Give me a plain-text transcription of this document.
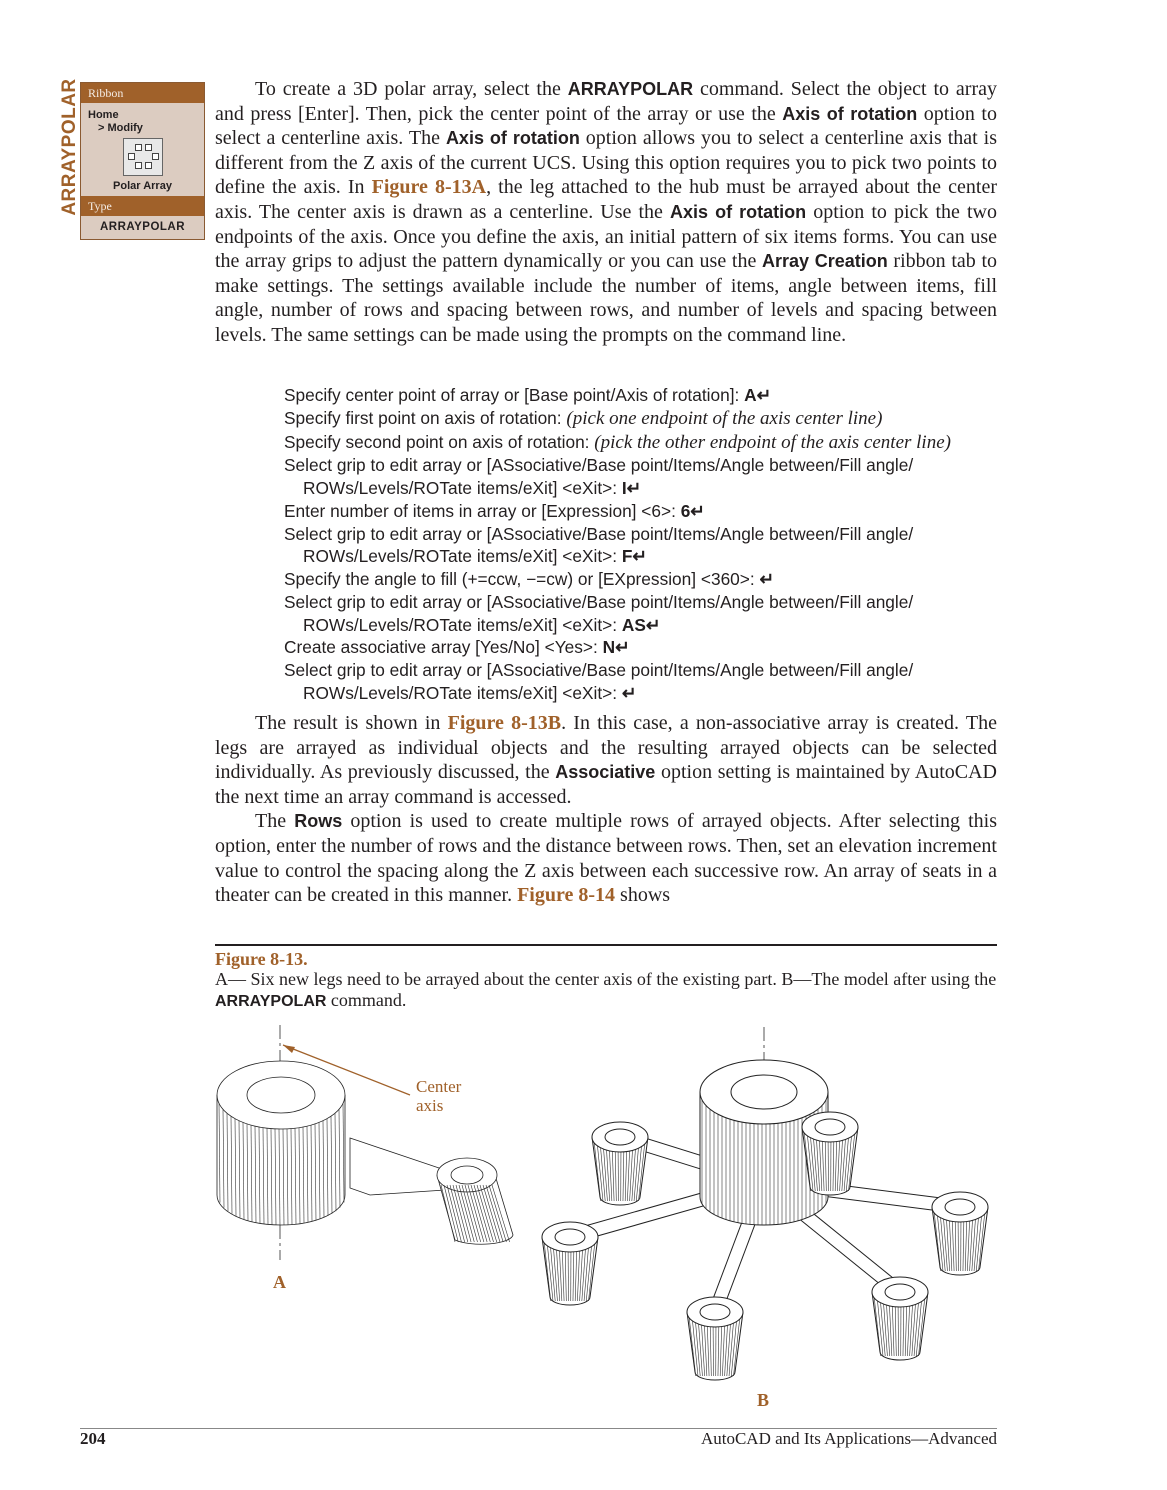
ARRAYPOLAR Ribbon
Home
> Modify
Polar Array
Type
ARRAYPOLAR

To create a 3D polar array, select the ARRAYPOLAR command. Select the object to array and press [Enter]. Then, pick the center point of the array or use the Axis of rotation option to select a centerline axis. The Axis of rotation option allows you to select a centerline axis that is different from the Z axis of the current UCS. Using this option requires you to pick two points to define the axis. In Figure 8-13A, the leg attached to the hub must be arrayed about the center axis. The center axis is drawn as a centerline. Use the Axis of rotation option to pick the two endpoints of the axis. Once you define the axis, an initial pattern of six items forms. You can use the array grips to adjust the pattern dynamically or you can use the Array Creation ribbon tab to make settings. The settings available include the number of items, angle between items, fill angle, number of rows and spacing between rows, and number of levels and spacing between levels. The same settings can be made using the prompts on the command line.

Specify center point of array or [Base point/Axis of rotation]: A↵
Specify first point on axis of rotation: (pick one endpoint of the axis center line)
Specify second point on axis of rotation: (pick the other endpoint of the axis center line)
Select grip to edit array or [ASsociative/Base point/Items/Angle between/Fill angle/
ROWs/Levels/ROTate items/eXit] <eXit>: I↵
Enter number of items in array or [Expression] <6>: 6↵
Select grip to edit array or [ASsociative/Base point/Items/Angle between/Fill angle/
ROWs/Levels/ROTate items/eXit] <eXit>: F↵
Specify the angle to fill (+=ccw, −=cw) or [EXpression] <360>: ↵
Select grip to edit array or [ASsociative/Base point/Items/Angle between/Fill angle/
ROWs/Levels/ROTate items/eXit] <eXit>: AS↵
Create associative array [Yes/No] <Yes>: N↵
Select grip to edit array or [ASsociative/Base point/Items/Angle between/Fill angle/
ROWs/Levels/ROTate items/eXit] <eXit>: ↵

The result is shown in Figure 8-13B. In this case, a non-associative array is created. The legs are arrayed as individual objects and the resulting arrayed objects can be selected individually. As previously discussed, the Associative option setting is maintained by AutoCAD the next time an array command is accessed.

The Rows option is used to create multiple rows of arrayed objects. After selecting this option, enter the number of rows and the distance between rows. Then, set an elevation increment value to control the spacing along the Z axis between each successive row. An array of seats in a theater can be created in this manner. Figure 8-14 shows

Figure 8-13.
A— Six new legs need to be arrayed about the center axis of the existing part. B—The model after using the ARRAYPOLAR command.
A
Center
axis
B
204	AutoCAD and Its Applications—Advanced
